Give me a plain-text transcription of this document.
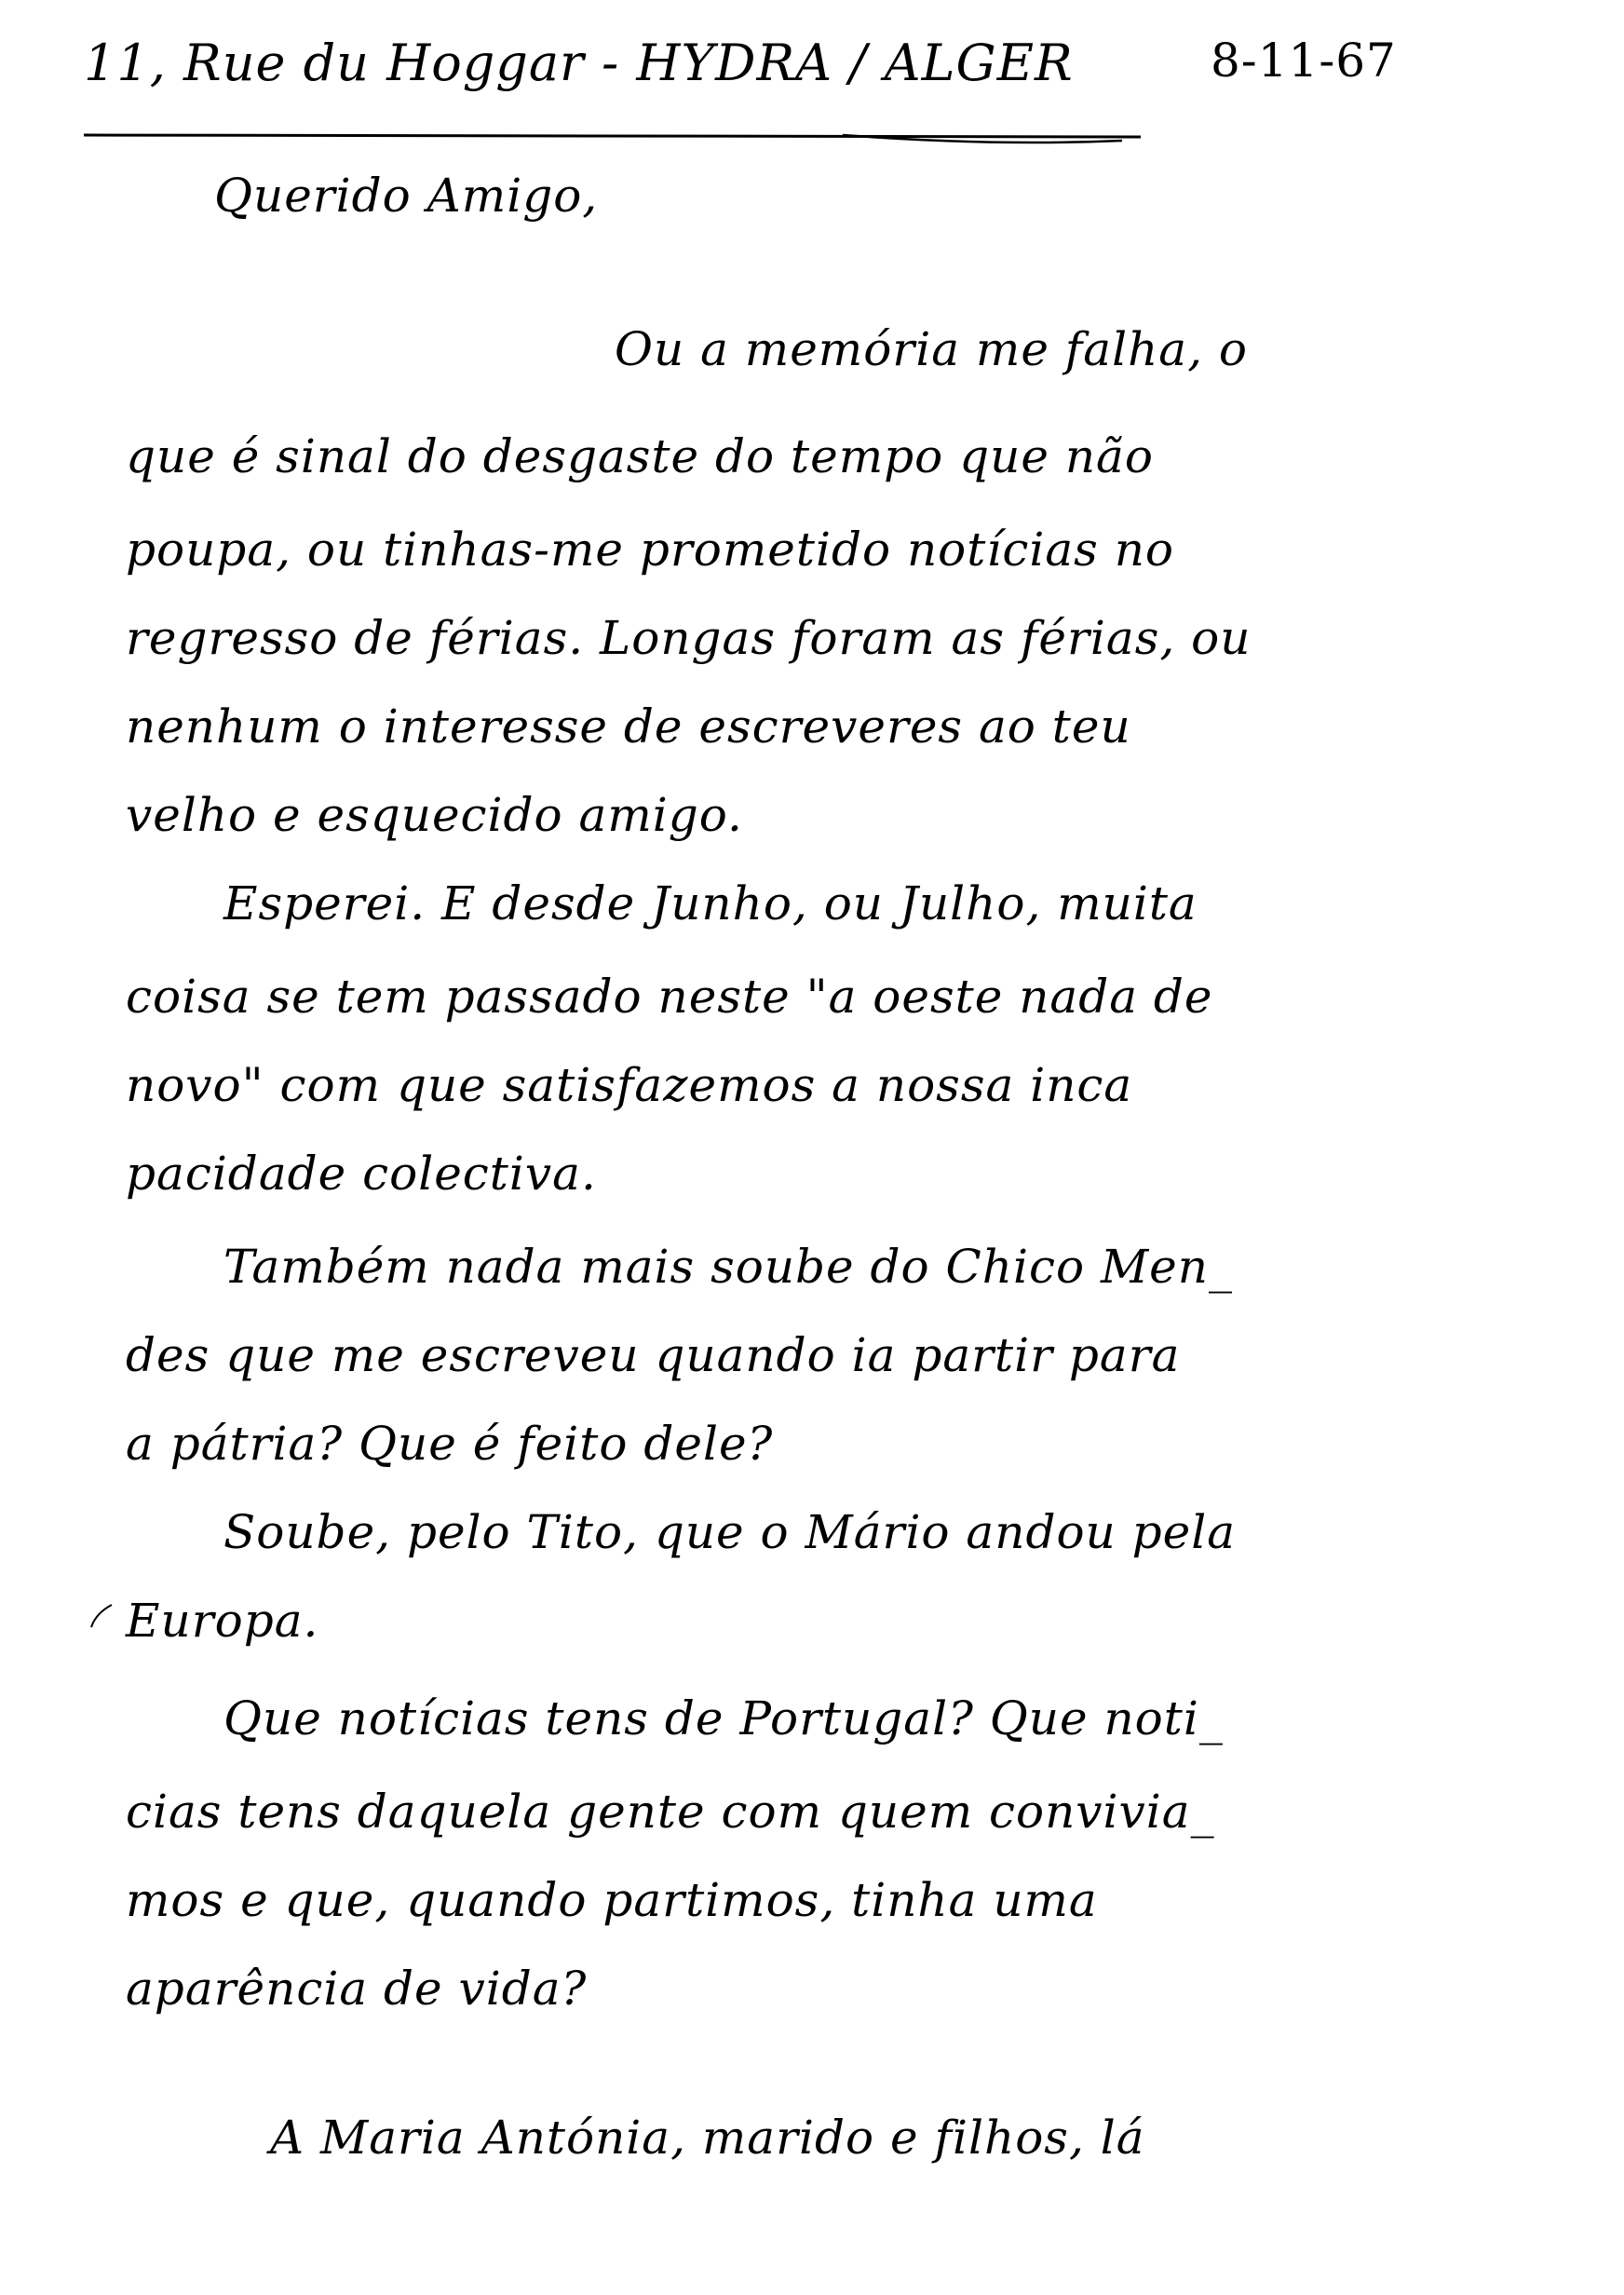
11, Rue du Hoggar - HYDRA / ALGER	8-11-67
Querido Amigo,
Ou a memória me falha, o
que é sinal do desgaste do tempo que não
poupa, ou tinhas-me prometido notícias no
regresso de férias. Longas foram as férias, ou
nenhum o interesse de escreveres ao teu
velho e esquecido amigo.
Esperei. E desde Junho, ou Julho, muita
coisa se tem passado neste "a oeste nada de
novo" com que satisfazemos a nossa inca
pacidade colectiva.
Também nada mais soube do Chico Men_
des que me escreveu quando ia partir para
a pátria? Que é feito dele?
Soube, pelo Tito, que o Mário andou pela
Europa.
Que notícias tens de Portugal? Que noti_
cias tens daquela gente com quem convivia_
mos e que, quando partimos, tinha uma
aparência de vida?
A Maria Antónia, marido e filhos, lá
